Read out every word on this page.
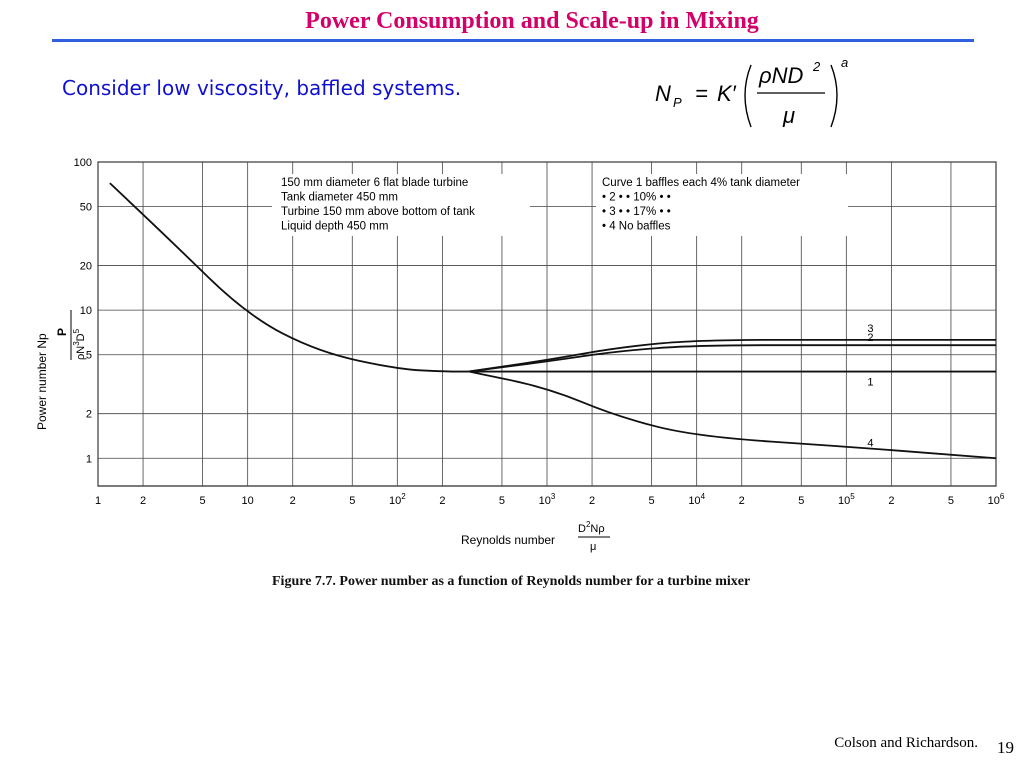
Power Consumption and Scale-up in Mixing
Consider low viscosity, baffled systems.	N P = K′
ρND 2
μ
a
150 mm diameter 6 flat blade turbine
Tank diameter 450 mm
Turbine 150 mm above bottom of tank
Liquid depth 450 mm
Curve 1 baffles each 4% tank diameter
• 2 • • 10% • •
• 3 • • 17% • •
• 4 No baffles
1
2
3
4
1	2	5	10	2	5	$10^2$	2	5	$10^3$	2	5	$10^4$	2	5	$10^5$	2	5	$10^6$
1
2
5
10
20
50
100
Power number Np
P
$\rho N^3D^5$
Reynolds number
$D^2N\rho$
μ
Figure 7.7. Power number as a function of Reynolds number for a turbine mixer
Colson and Richardson. 19
